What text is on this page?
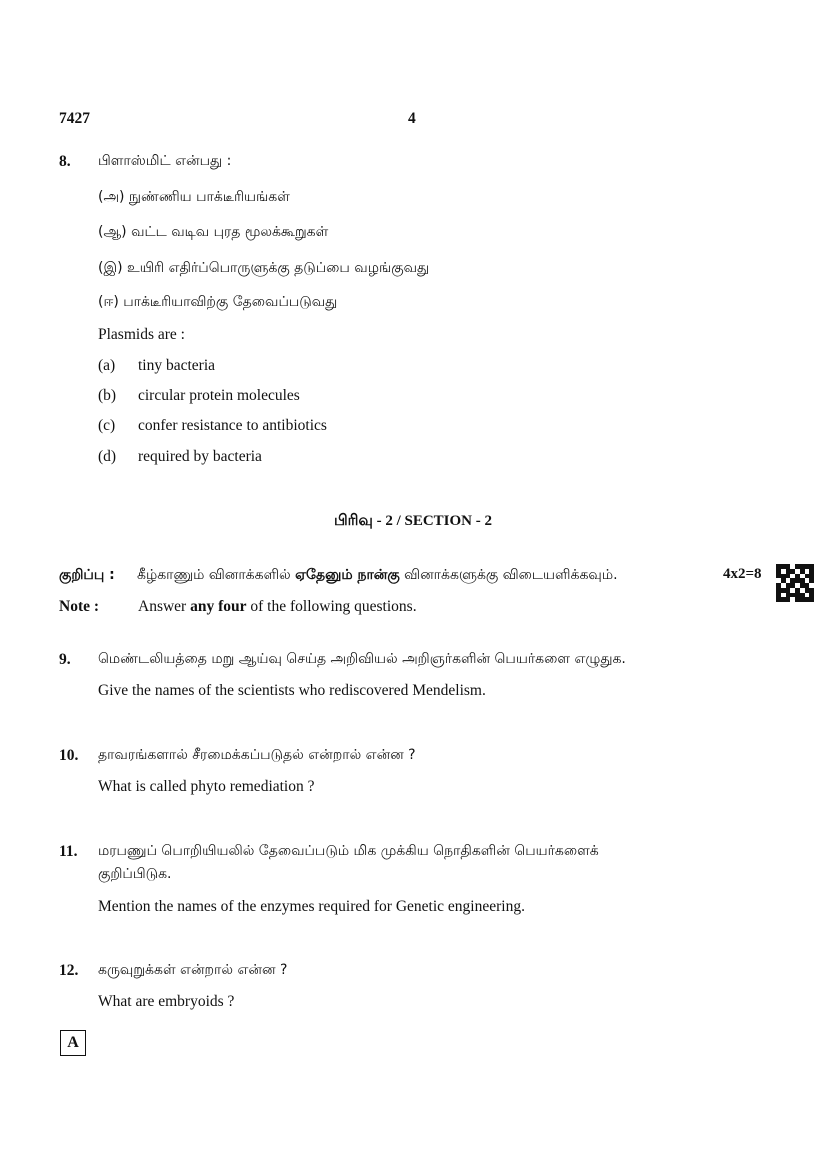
7427	4
8. பிளாஸ்மிட் என்பது :
(அ) நுண்ணிய பாக்டீரியங்கள்
(ஆ) வட்ட வடிவ புரத மூலக்கூறுகள்
(இ) உயிரி எதிர்ப்பொருளுக்கு தடுப்பை வழங்குவது
(ஈ) பாக்டீரியாவிற்கு தேவைப்படுவது
Plasmids are :
(a) tiny bacteria
(b) circular protein molecules
(c) confer resistance to antibiotics
(d) required by bacteria
பிரிவு - 2 / SECTION - 2
குறிப்பு : கீழ்காணும் வினாக்களில் ஏதேனும் நான்கு வினாக்களுக்கு விடையளிக்கவும்.	4x2=8
Note :	Answer any four of the following questions.
9. மெண்டலியத்தை மறு ஆய்வு செய்த அறிவியல் அறிஞர்களின் பெயர்களை எழுதுக.
Give the names of the scientists who rediscovered Mendelism.
10. தாவரங்களால் சீரமைக்கப்படுதல் என்றால் என்ன ?
What is called phyto remediation ?
11. மரபணுப் பொறியியலில் தேவைப்படும் மிக முக்கிய நொதிகளின் பெயர்களைக்
குறிப்பிடுக.
Mention the names of the enzymes required for Genetic engineering.
12. கருவுறுக்கள் என்றால் என்ன ?
What are embryoids ?
A
